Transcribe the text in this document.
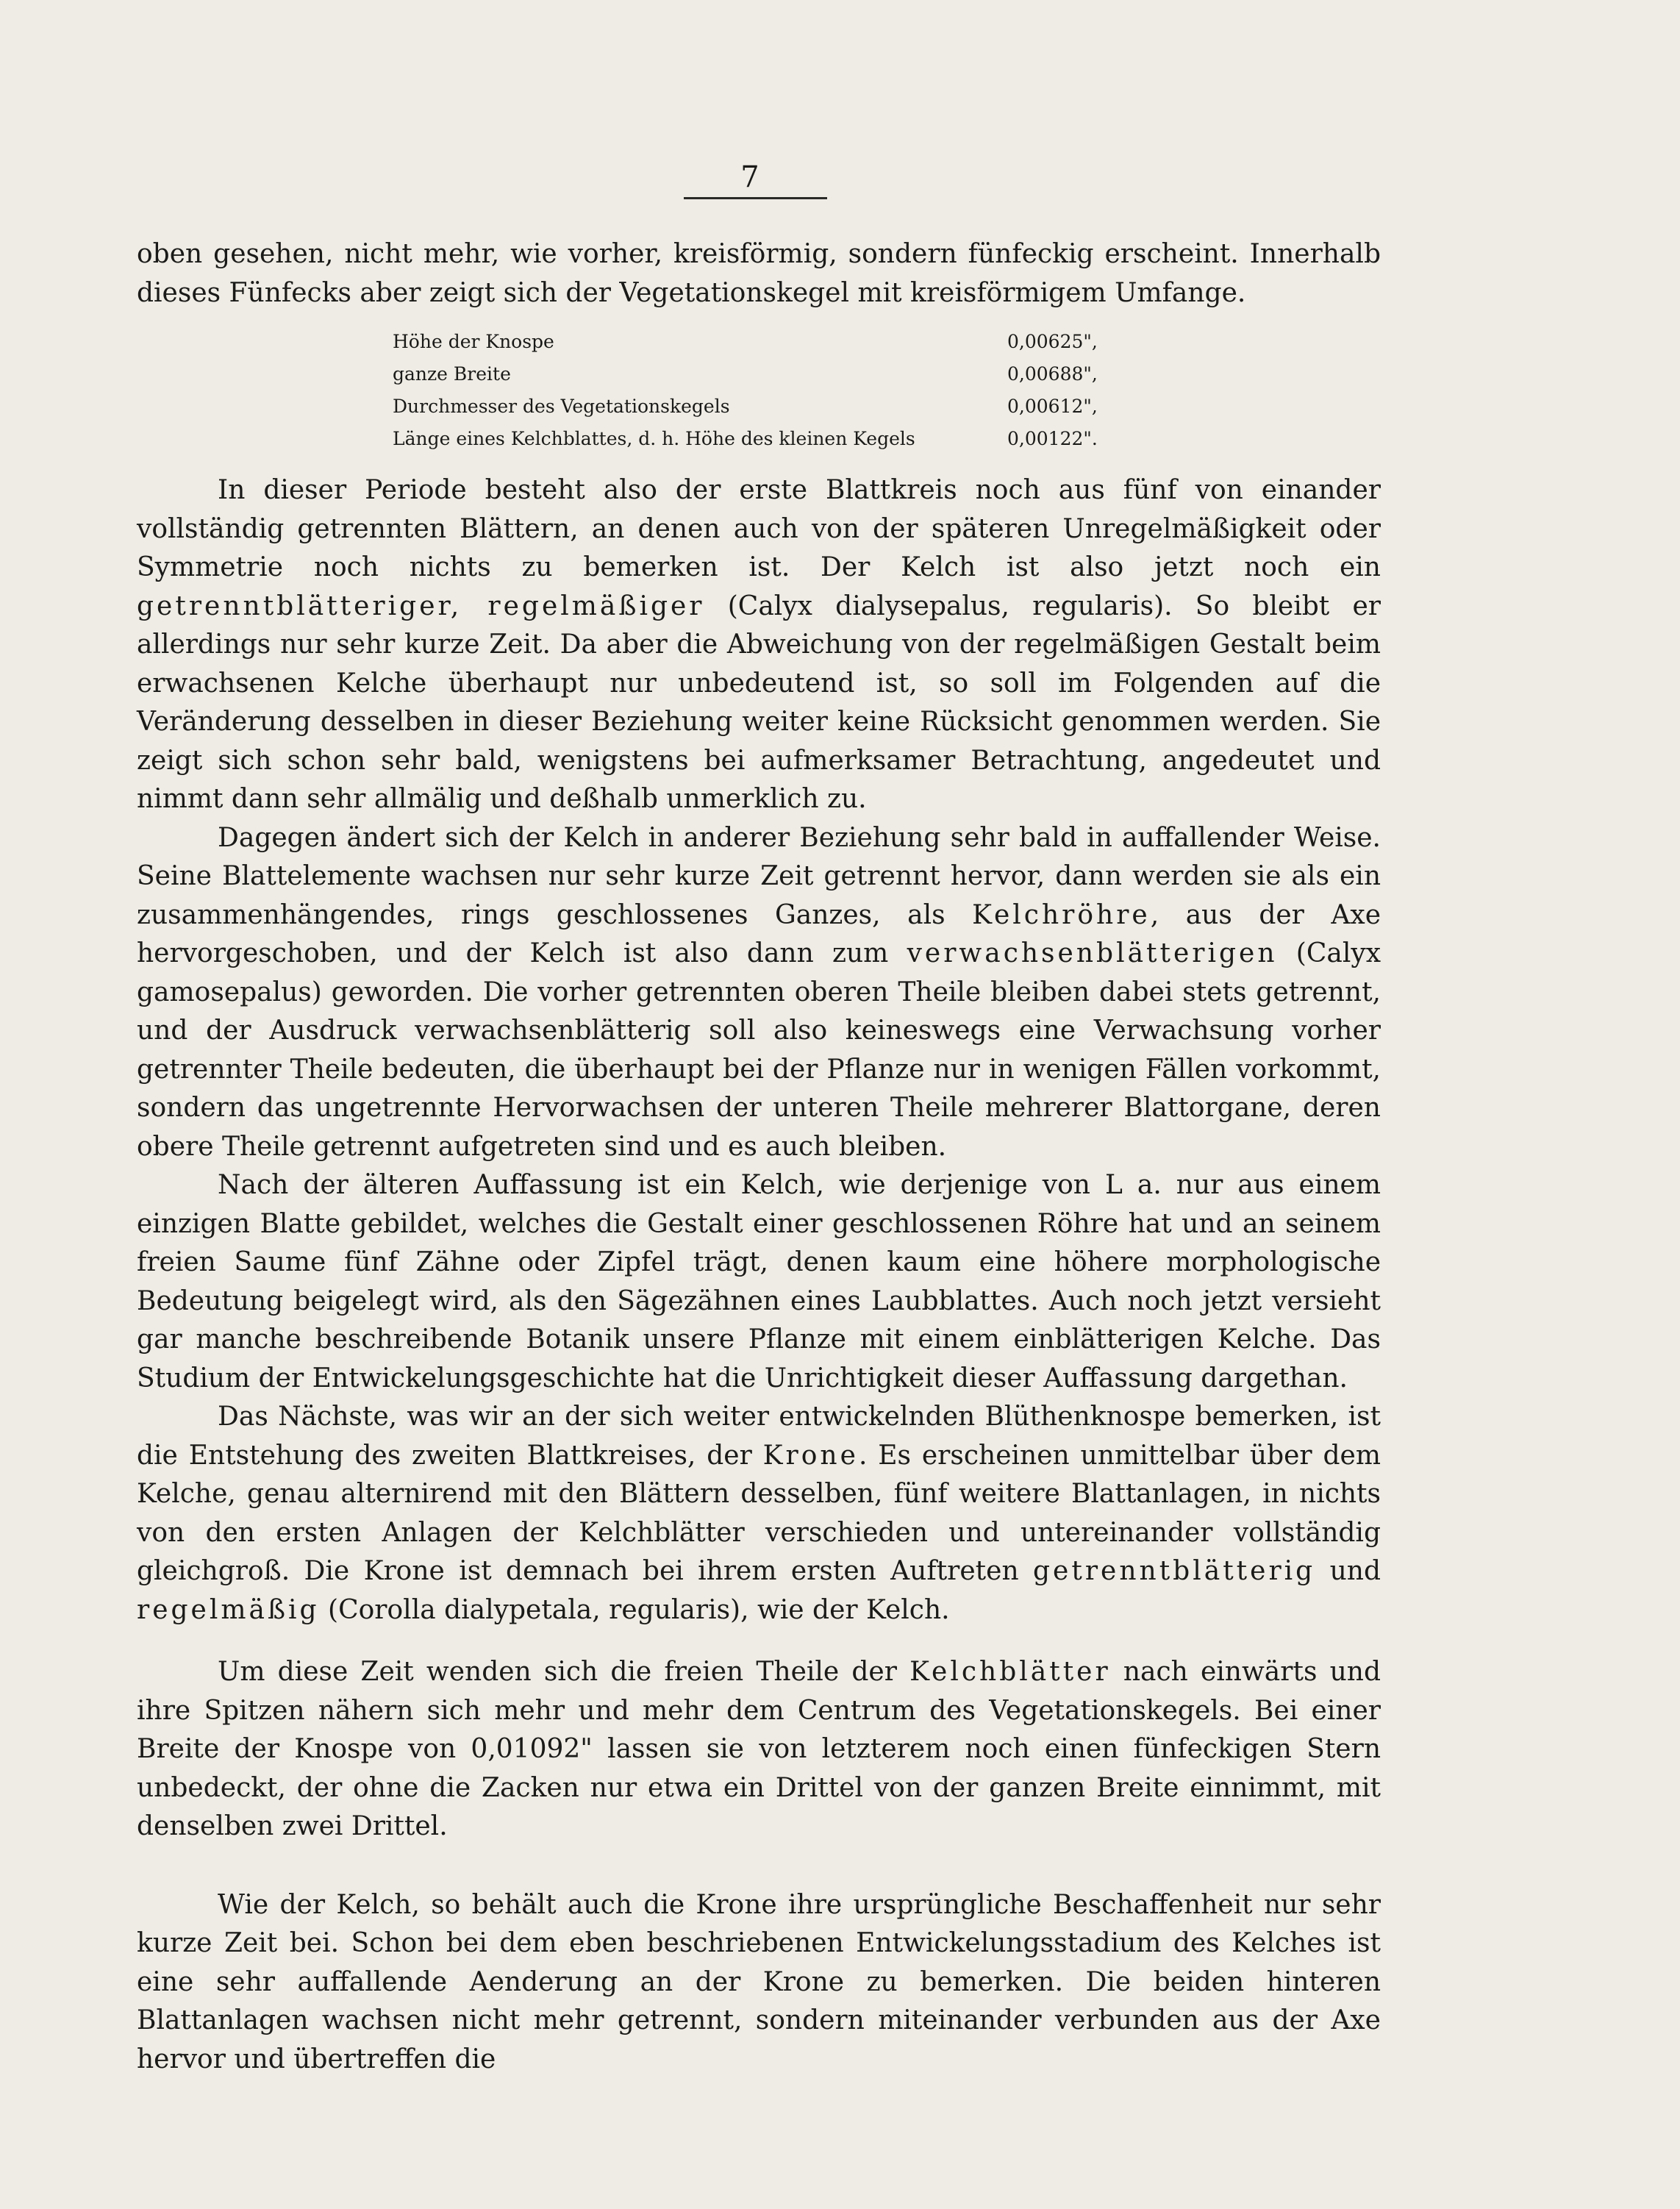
7

oben gesehen, nicht mehr, wie vorher, kreisförmig, sondern fünfeckig erscheint. Innerhalb dieses Fünfecks aber zeigt sich der Vegetationskegel mit kreisförmigem Umfange.

Höhe der Knospe	0,00625",
ganze Breite	0,00688",
Durchmesser des Vegetationskegels	0,00612",
Länge eines Kelchblattes, d. h. Höhe des kleinen Kegels	0,00122".

In dieser Periode besteht also der erste Blattkreis noch aus fünf von einander vollständig getrennten Blättern, an denen auch von der späteren Unregelmäßigkeit oder Symmetrie noch nichts zu bemerken ist. Der Kelch ist also jetzt noch ein getrenntblätteriger, regelmäßiger (Calyx dialysepalus, regularis). So bleibt er allerdings nur sehr kurze Zeit. Da aber die Abweichung von der regelmäßigen Gestalt beim erwachsenen Kelche überhaupt nur unbedeutend ist, so soll im Folgenden auf die Veränderung desselben in dieser Beziehung weiter keine Rücksicht genommen werden. Sie zeigt sich schon sehr bald, wenigstens bei aufmerksamer Betrachtung, angedeutet und nimmt dann sehr allmälig und deßhalb unmerklich zu.

Dagegen ändert sich der Kelch in anderer Beziehung sehr bald in auffallender Weise. Seine Blattelemente wachsen nur sehr kurze Zeit getrennt hervor, dann werden sie als ein zusammenhängendes, rings geschlossenes Ganzes, als Kelchröhre, aus der Axe hervorgeschoben, und der Kelch ist also dann zum verwachsenblätterigen (Calyx gamosepalus) geworden. Die vorher getrennten oberen Theile bleiben dabei stets getrennt, und der Ausdruck verwachsenblätterig soll also keineswegs eine Verwachsung vorher getrennter Theile bedeuten, die überhaupt bei der Pflanze nur in wenigen Fällen vorkommt, sondern das ungetrennte Hervorwachsen der unteren Theile mehrerer Blattorgane, deren obere Theile getrennt aufgetreten sind und es auch bleiben.

Nach der älteren Auffassung ist ein Kelch, wie derjenige von L a. nur aus einem einzigen Blatte gebildet, welches die Gestalt einer geschlossenen Röhre hat und an seinem freien Saume fünf Zähne oder Zipfel trägt, denen kaum eine höhere morphologische Bedeutung beigelegt wird, als den Sägezähnen eines Laubblattes. Auch noch jetzt versieht gar manche beschreibende Botanik unsere Pflanze mit einem einblätterigen Kelche. Das Studium der Entwickelungsgeschichte hat die Unrichtigkeit dieser Auffassung dargethan.

Das Nächste, was wir an der sich weiter entwickelnden Blüthenknospe bemerken, ist die Entstehung des zweiten Blattkreises, der Krone. Es erscheinen unmittelbar über dem Kelche, genau alternirend mit den Blättern desselben, fünf weitere Blattanlagen, in nichts von den ersten Anlagen der Kelchblätter verschieden und untereinander vollständig gleichgroß. Die Krone ist demnach bei ihrem ersten Auftreten getrenntblätterig und regelmäßig (Corolla dialypetala, regularis), wie der Kelch.

Um diese Zeit wenden sich die freien Theile der Kelchblätter nach einwärts und ihre Spitzen nähern sich mehr und mehr dem Centrum des Vegetationskegels. Bei einer Breite der Knospe von 0,01092" lassen sie von letzterem noch einen fünfeckigen Stern unbedeckt, der ohne die Zacken nur etwa ein Drittel von der ganzen Breite einnimmt, mit denselben zwei Drittel.

Wie der Kelch, so behält auch die Krone ihre ursprüngliche Beschaffenheit nur sehr kurze Zeit bei. Schon bei dem eben beschriebenen Entwickelungsstadium des Kelches ist eine sehr auffallende Aenderung an der Krone zu bemerken. Die beiden hinteren Blattanlagen wachsen nicht mehr getrennt, sondern miteinander verbunden aus der Axe hervor und übertreffen die
